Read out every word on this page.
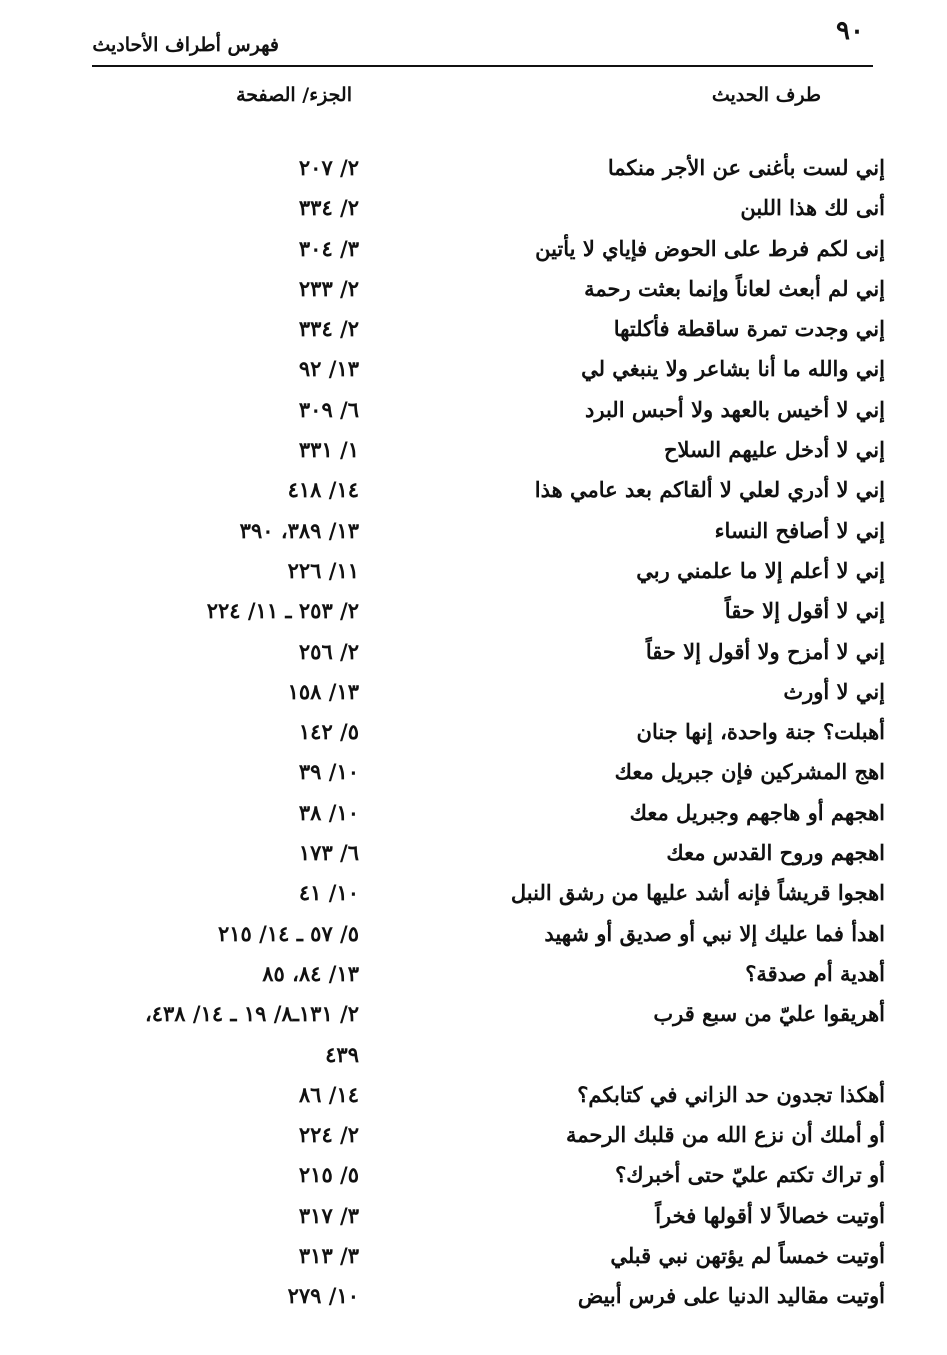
٩٠
فهرس أطراف الأحاديث
طرف الحديث
الجزء/ الصفحة
إني لست بأغنى عن الأجر منكما
٢/ ٢٠٧
أنى لك هذا اللبن
٢/ ٣٣٤
إنى لكم فرط على الحوض فإياي لا يأتين
٣/ ٣٠٤
إني لم أبعث لعاناً وإنما بعثت رحمة
٢/ ٢٣٣
إني وجدت تمرة ساقطة فأكلتها
٢/ ٣٣٤
إني والله ما أنا بشاعر ولا ينبغي لي
١٣/ ٩٢
إني لا أخيس بالعهد ولا أحبس البرد
٦/ ٣٠٩
إني لا أدخل عليهم السلاح
١/ ٣٣١
إني لا أدري لعلي لا ألقاكم بعد عامي هذا
١٤/ ٤١٨
إني لا أصافح النساء
١٣/ ٣٨٩، ٣٩٠
إني لا أعلم إلا ما علمني ربي
١١/ ٢٢٦
إني لا أقول إلا حقاً
٢/ ٢٥٣ ـ ١١/ ٢٢٤
إني لا أمزح ولا أقول إلا حقاً
٢/ ٢٥٦
إني لا أورث
١٣/ ١٥٨
أهبلت؟ جنة واحدة، إنها جنان
٥/ ١٤٢
اهج المشركين فإن جبريل معك
١٠/ ٣٩
اهجهم أو هاجهم وجبريل معك
١٠/ ٣٨
اهجهم وروح القدس معك
٦/ ١٧٣
اهجوا قريشاً فإنه أشد عليها من رشق النبل
١٠/ ٤١
اهدأ فما عليك إلا نبي أو صديق أو شهيد
٥/ ٥٧ ـ ١٤/ ٢١٥
أهدية أم صدقة؟
١٣/ ٨٤، ٨٥
أهريقوا عليّ من سبع قرب
٢/ ١٣١ـ٨/ ١٩ ـ ١٤/ ٤٣٨،
٤٣٩
أهكذا تجدون حد الزاني في كتابكم؟
١٤/ ٨٦
أو أملك أن نزع الله من قلبك الرحمة
٢/ ٢٢٤
أو تراك تكتم عليّ حتى أخبرك؟
٥/ ٢١٥
أوتيت خصالاً لا أقولها فخراً
٣/ ٣١٧
أوتيت خمساً لم يؤتهن نبي قبلي
٣/ ٣١٣
أوتيت مقاليد الدنيا على فرس أبيض
١٠/ ٢٧٩
